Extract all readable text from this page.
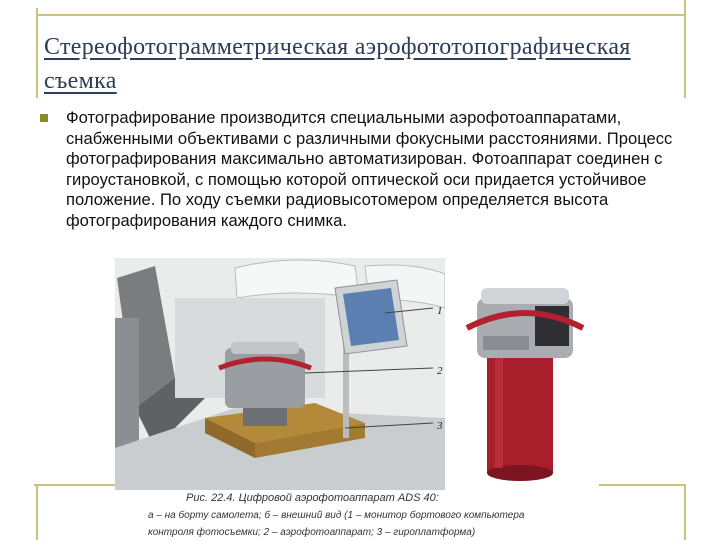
Стереофотограмметрическая аэрофототопографическая съемка
Фотографирование производится специальными аэрофотоаппаратами, снабженными объективами с различными фокусными расстояниями. Процесс фотографирования максимально автоматизирован. Фотоаппарат соединен с гироустановкой, с помощью которой оптической оси придается устойчивое положение. По ходу съемки радиовысотомером определяется высота фотографирования каждого снимка.
1
2
3
Рис. 22.4. Цифровой аэрофотоаппарат ADS 40:
а – на борту самолета; б – внешний вид (1 – монитор бортового компьютера
контроля фотосъемки; 2 – аэрофотоаппарат; 3 – гироплатформа)
